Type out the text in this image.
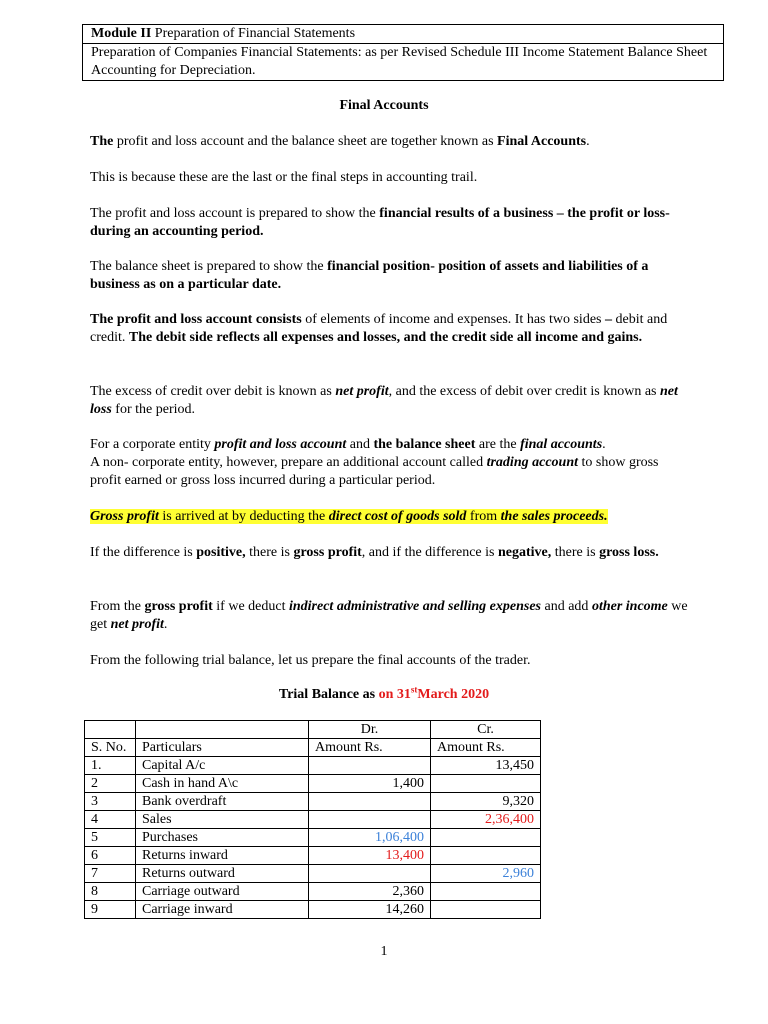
Module II Preparation of Financial Statements
Preparation of Companies Financial Statements: as per Revised Schedule III Income Statement Balance Sheet Accounting for Depreciation.

Final Accounts

The profit and loss account and the balance sheet are together known as Final Accounts.

This is because these are the last or the final steps in accounting trail.

The profit and loss account is prepared to show the financial results of a business – the profit or loss- during an accounting period.

The balance sheet is prepared to show the financial position- position of assets and liabilities of a business as on a particular date.

The profit and loss account consists of elements of income and expenses. It has two sides – debit and credit. The debit side reflects all expenses and losses, and the credit side all income and gains.

The excess of credit over debit is known as net profit, and the excess of debit over credit is known as net loss for the period.

For a corporate entity profit and loss account and the balance sheet are the final accounts.
A non- corporate entity, however, prepare an additional account called trading account to show gross profit earned or gross loss incurred during a particular period.

Gross profit is arrived at by deducting the direct cost of goods sold from the sales proceeds.

If the difference is positive, there is gross profit, and if the difference is negative, there is gross loss.

From the gross profit if we deduct indirect administrative and selling expenses and add other income we get net profit.

From the following trial balance, let us prepare the final accounts of the trader.

Trial Balance as on 31stMarch 2020

		Dr.	Cr.
S. No.	Particulars	Amount Rs.	Amount Rs.
1.	Capital A/c		13,450
2	Cash in hand A\c	1,400	
3	Bank overdraft		9,320
4	Sales		2,36,400
5	Purchases	1,06,400	
6	Returns inward	13,400	
7	Returns outward		2,960
8	Carriage outward	2,360	
9	Carriage inward	14,260	

1
